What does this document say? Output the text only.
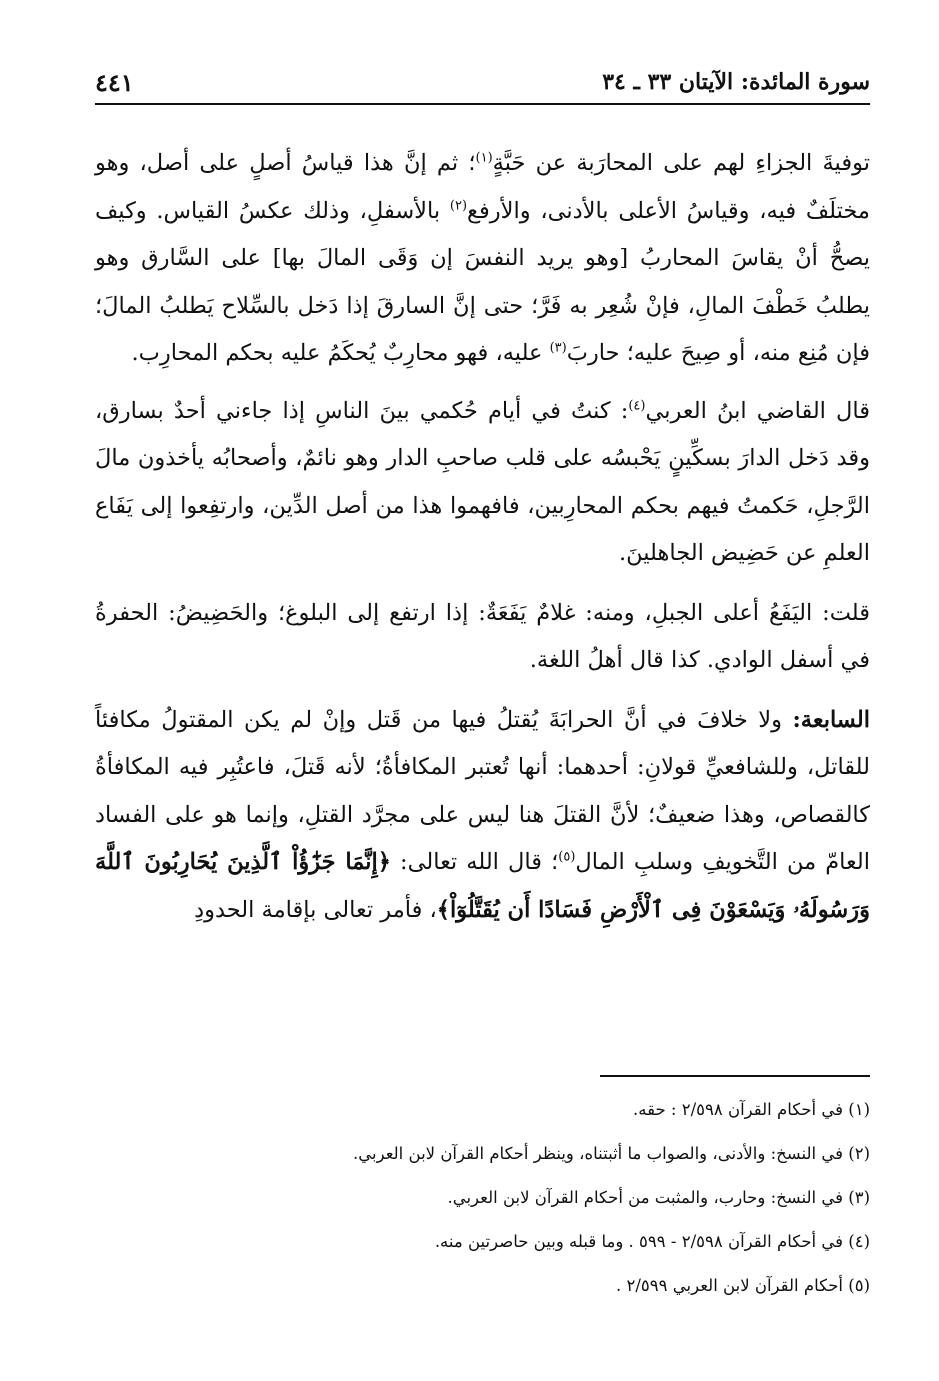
سورة المائدة: الآيتان ٣٣ ـ ٣٤
٤٤١

توفيةَ الجزاءِ لهم على المحارَبة عن حَبَّةٍ$^{(١)}$؛ ثم إنَّ هذا قياسُ أصلٍ على أصل، وهو مختلَفٌ فيه، وقياسُ الأعلى بالأدنى، والأرفع$^{(٢)}$ بالأسفلِ، وذلك عكسُ القياس. وكيف يصحُّ أنْ يقاسَ المحاربُ [وهو يريد النفسَ إن وَقَى المالَ بها] على السَّارق وهو يطلبُ خَطْفَ المالِ، فإنْ شُعِر به فَرَّ؛ حتى إنَّ السارقَ إذا دَخل بالسِّلاح يَطلبُ المالَ؛ فإن مُنِع منه، أو صِيحَ عليه؛ حاربَ$^{(٣)}$ عليه، فهو محارِبٌ يُحكَمُ عليه بحكم المحارِب.

قال القاضي ابنُ العربي$^{(٤)}$: كنتُ في أيام حُكمي بينَ الناسِ إذا جاءني أحدٌ بسارق، وقد دَخل الدارَ بسكِّينٍ يَحْبسُه على قلب صاحبِ الدار وهو نائمٌ، وأصحابُه يأخذون مالَ الرَّجلِ، حَكمتُ فيهم بحكم المحارِبين، فافهموا هذا من أصل الدِّين، وارتفِعوا إلى يَفَاع العلمِ عن حَضِيض الجاهلينَ.

قلت: اليَفَعُ أعلى الجبلِ، ومنه: غلامٌ يَفَعَةٌ: إذا ارتفع إلى البلوغ؛ والحَضِيضُ: الحفرةُ في أسفل الوادي. كذا قال أهلُ اللغة.

السابعة: ولا خلافَ في أنَّ الحرابَةَ يُقتلُ فيها من قَتل وإنْ لم يكن المقتولُ مكافئاً للقاتل، وللشافعيِّ قولانِ: أحدهما: أنها تُعتبر المكافأةُ؛ لأنه قَتلَ، فاعتُبِر فيه المكافأةُ كالقصاص، وهذا ضعيفٌ؛ لأنَّ القتلَ هنا ليس على مجرَّد القتلِ، وإنما هو على الفساد العامّ من التَّخويفِ وسلبِ المال$^{(٥)}$؛ قال الله تعالى: ﴿إِنَّمَا جَزَٰٓؤُاْ ٱلَّذِينَ يُحَارِبُونَ ٱللَّهَ وَرَسُولَهُۥ وَيَسْعَوْنَ فِى ٱلْأَرْضِ فَسَادًا أَن يُقَتَّلُوٓاْ﴾، فأمر تعالى بإقامة الحدودِ

(١) في أحكام القرآن ٢/٥٩٨ : حقه.
(٢) في النسخ: والأدنى، والصواب ما أثبتناه، وينظر أحكام القرآن لابن العربي.
(٣) في النسخ: وحارب، والمثبت من أحكام القرآن لابن العربي.
(٤) في أحكام القرآن ٢/٥٩٨ - ٥٩٩ . وما قبله وبين حاصرتين منه.
(٥) أحكام القرآن لابن العربي ٢/٥٩٩ .
